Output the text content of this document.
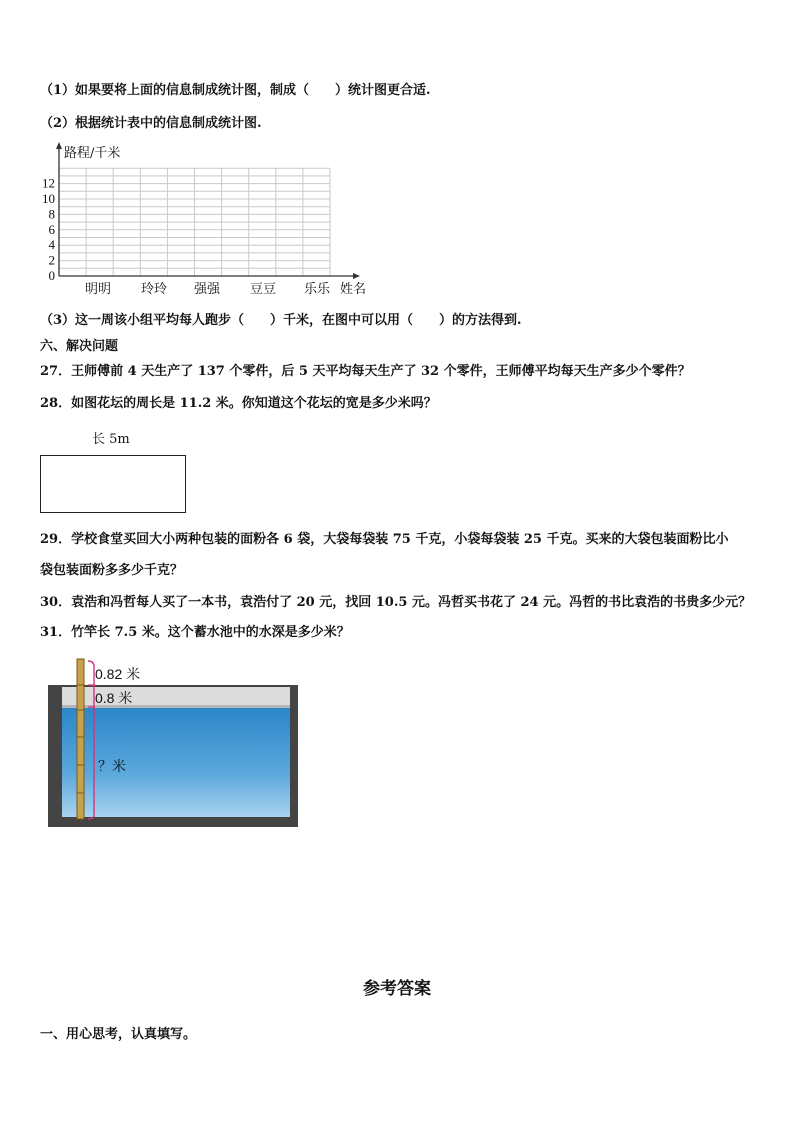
（1）如果要将上面的信息制成统计图，制成（　　）统计图更合适.
（2）根据统计表中的信息制成统计图.
0
2
4
6
8
10
12
路程/千米
明明 玲玲 强强 豆豆 乐乐 姓名
（3）这一周该小组平均每人跑步（　　）千米，在图中可以用（　　）的方法得到.
六、解决问题
27．王师傅前 4 天生产了 137 个零件，后 5 天平均每天生产了 32 个零件，王师傅平均每天生产多少个零件？
28．如图花坛的周长是 11.2 米。你知道这个花坛的宽是多少米吗？
长 5m
29．学校食堂买回大小两种包装的面粉各 6 袋，大袋每袋装 75 千克，小袋每袋装 25 千克。买来的大袋包装面粉比小
袋包装面粉多多少千克？
30．袁浩和冯哲每人买了一本书，袁浩付了 20 元，找回 10.5 元。冯哲买书花了 24 元。冯哲的书比袁浩的书贵多少元？
31．竹竿长 7.5 米。这个蓄水池中的水深是多少米？
0.82 米
0.8 米
？米
参考答案
一、用心思考，认真填写。
